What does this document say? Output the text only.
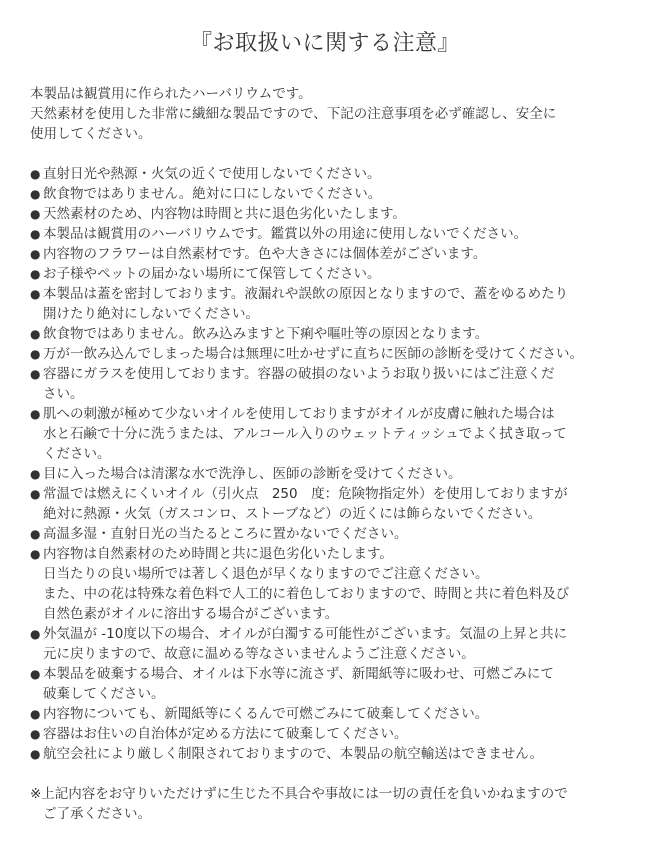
『お取扱いに関する注意』

本製品は観賞用に作られたハーバリウムです。

天然素材を使用した非常に繊細な製品ですので、下記の注意事項を必ず確認し、安全に

使用してください。

● 直射日光や熱源・火気の近くで使用しないでください。
● 飲食物ではありません。絶対に口にしないでください。
● 天然素材のため、内容物は時間と共に退色劣化いたします。
● 本製品は観賞用のハーバリウムです。鑑賞以外の用途に使用しないでください。
● 内容物のフラワーは自然素材です。色や大きさには個体差がございます。
● お子様やペットの届かない場所にて保管してください。
● 本製品は蓋を密封しております。液漏れや誤飲の原因となりますので、蓋をゆるめたり
開けたり絶対にしないでください。
● 飲食物ではありません。飲み込みますと下痢や嘔吐等の原因となります。
● 万が一飲み込んでしまった場合は無理に吐かせずに直ちに医師の診断を受けてください。
● 容器にガラスを使用しております。容器の破損のないようお取り扱いにはご注意くだ
さい。
● 肌への刺激が極めて少ないオイルを使用しておりますがオイルが皮膚に触れた場合は
水と石鹸で十分に洗うまたは、アルコール入りのウェットティッシュでよく拭き取って
ください。
● 目に入った場合は清潔な水で洗浄し、医師の診断を受けてください。
● 常温では燃えにくいオイル（引火点　250　度：危険物指定外）を使用しておりますが
絶対に熱源・火気（ガスコンロ、ストーブなど）の近くには飾らないでください。
● 高温多湿・直射日光の当たるところに置かないでください。
● 内容物は自然素材のため時間と共に退色劣化いたします。
日当たりの良い場所では著しく退色が早くなりますのでご注意ください。
また、中の花は特殊な着色料で人工的に着色しておりますので、時間と共に着色料及び
自然色素がオイルに溶出する場合がございます。
● 外気温が -10度以下の場合、オイルが白濁する可能性がございます。気温の上昇と共に
元に戻りますので、故意に温める等なさいませんようご注意ください。
● 本製品を破棄する場合、オイルは下水等に流さず、新聞紙等に吸わせ、可燃ごみにて
破棄してください。
● 内容物についても、新聞紙等にくるんで可燃ごみにて破棄してください。
● 容器はお住いの自治体が定める方法にて破棄してください。
● 航空会社により厳しく制限されておりますので、本製品の航空輸送はできません。
※上記内容をお守りいただけずに生じた不具合や事故には一切の責任を負いかねますので
ご了承ください。
